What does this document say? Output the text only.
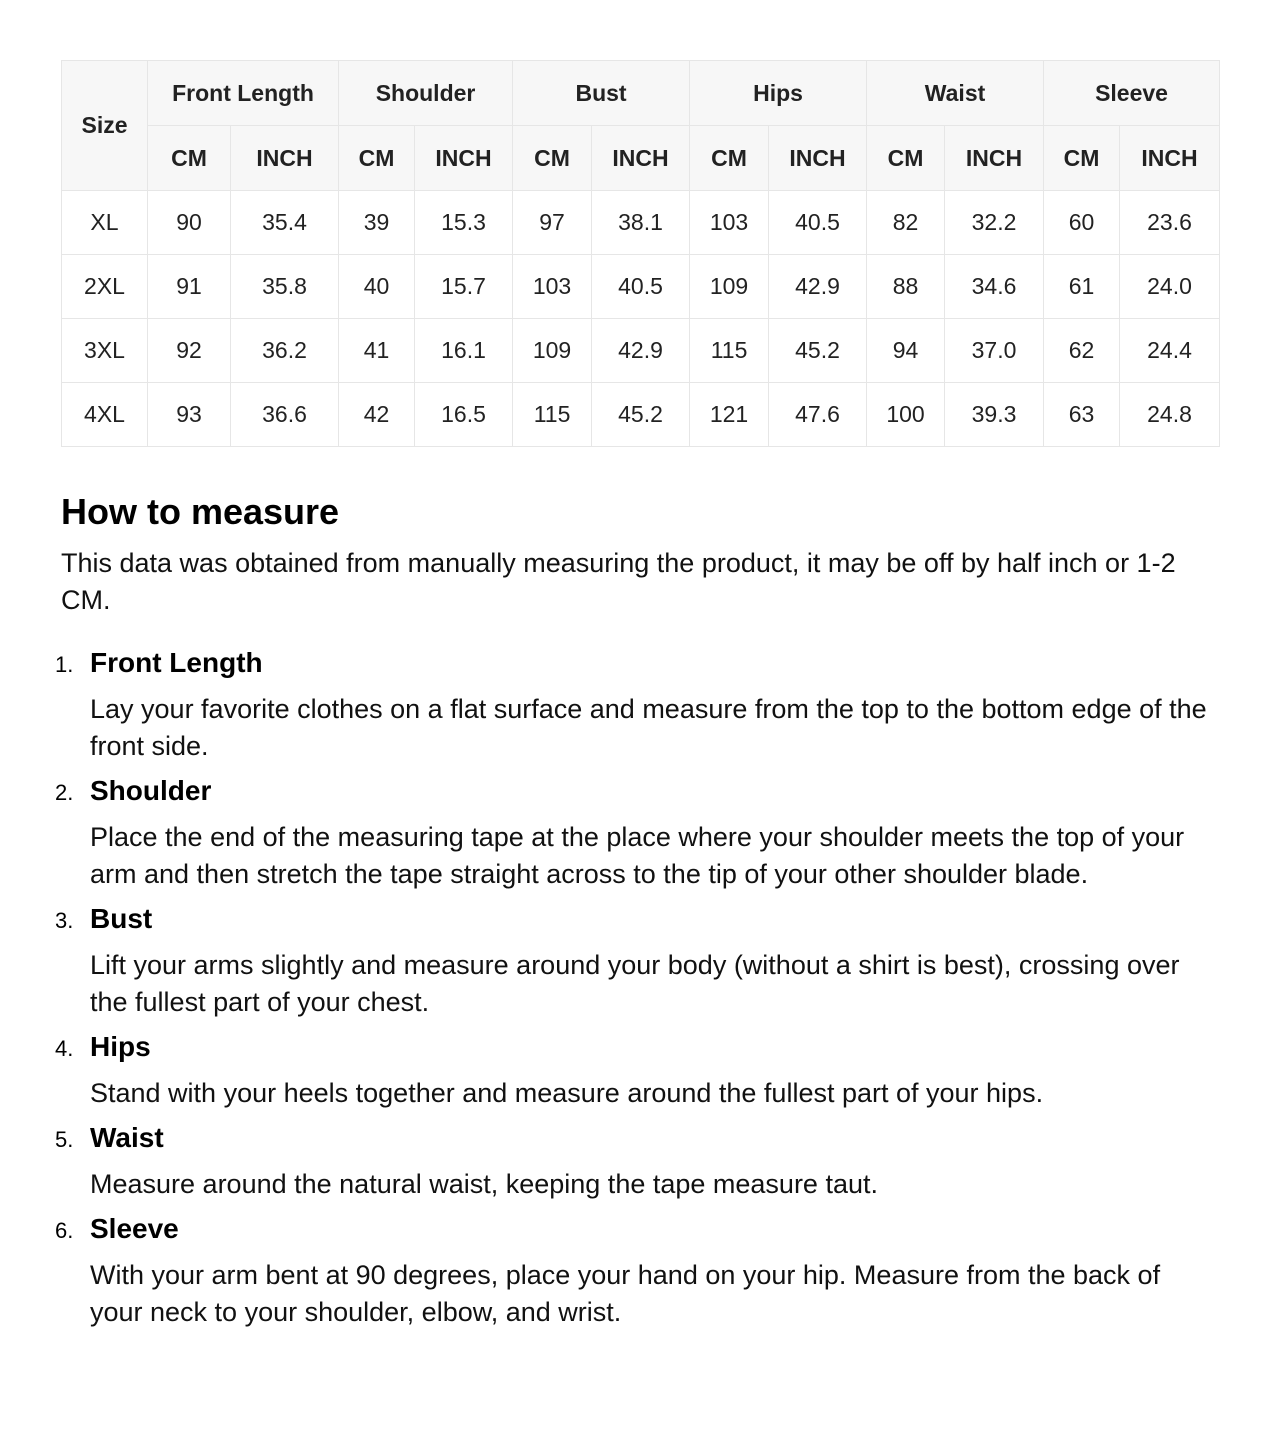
Size	Front Length		Shoulder		Bust		Hips		Waist		Sleeve	
	CM	INCH	CM	INCH	CM	INCH	CM	INCH	CM	INCH	CM	INCH
XL	90	35.4	39	15.3	97	38.1	103	40.5	82	32.2	60	23.6
2XL	91	35.8	40	15.7	103	40.5	109	42.9	88	34.6	61	24.0
3XL	92	36.2	41	16.1	109	42.9	115	45.2	94	37.0	62	24.4
4XL	93	36.6	42	16.5	115	45.2	121	47.6	100	39.3	63	24.8
How to measure

This data was obtained from manually measuring the product, it may be off by half inch or 1-2 CM.

1. Front Length
Lay your favorite clothes on a flat surface and measure from the top to the bottom edge of the front side.
2. Shoulder
Place the end of the measuring tape at the place where your shoulder meets the top of your arm and then stretch the tape straight across to the tip of your other shoulder blade.
3. Bust
Lift your arms slightly and measure around your body (without a shirt is best), crossing over the fullest part of your chest.
4. Hips
Stand with your heels together and measure around the fullest part of your hips.
5. Waist
Measure around the natural waist, keeping the tape measure taut.
6. Sleeve
With your arm bent at 90 degrees, place your hand on your hip. Measure from the back of your neck to your shoulder, elbow, and wrist.
